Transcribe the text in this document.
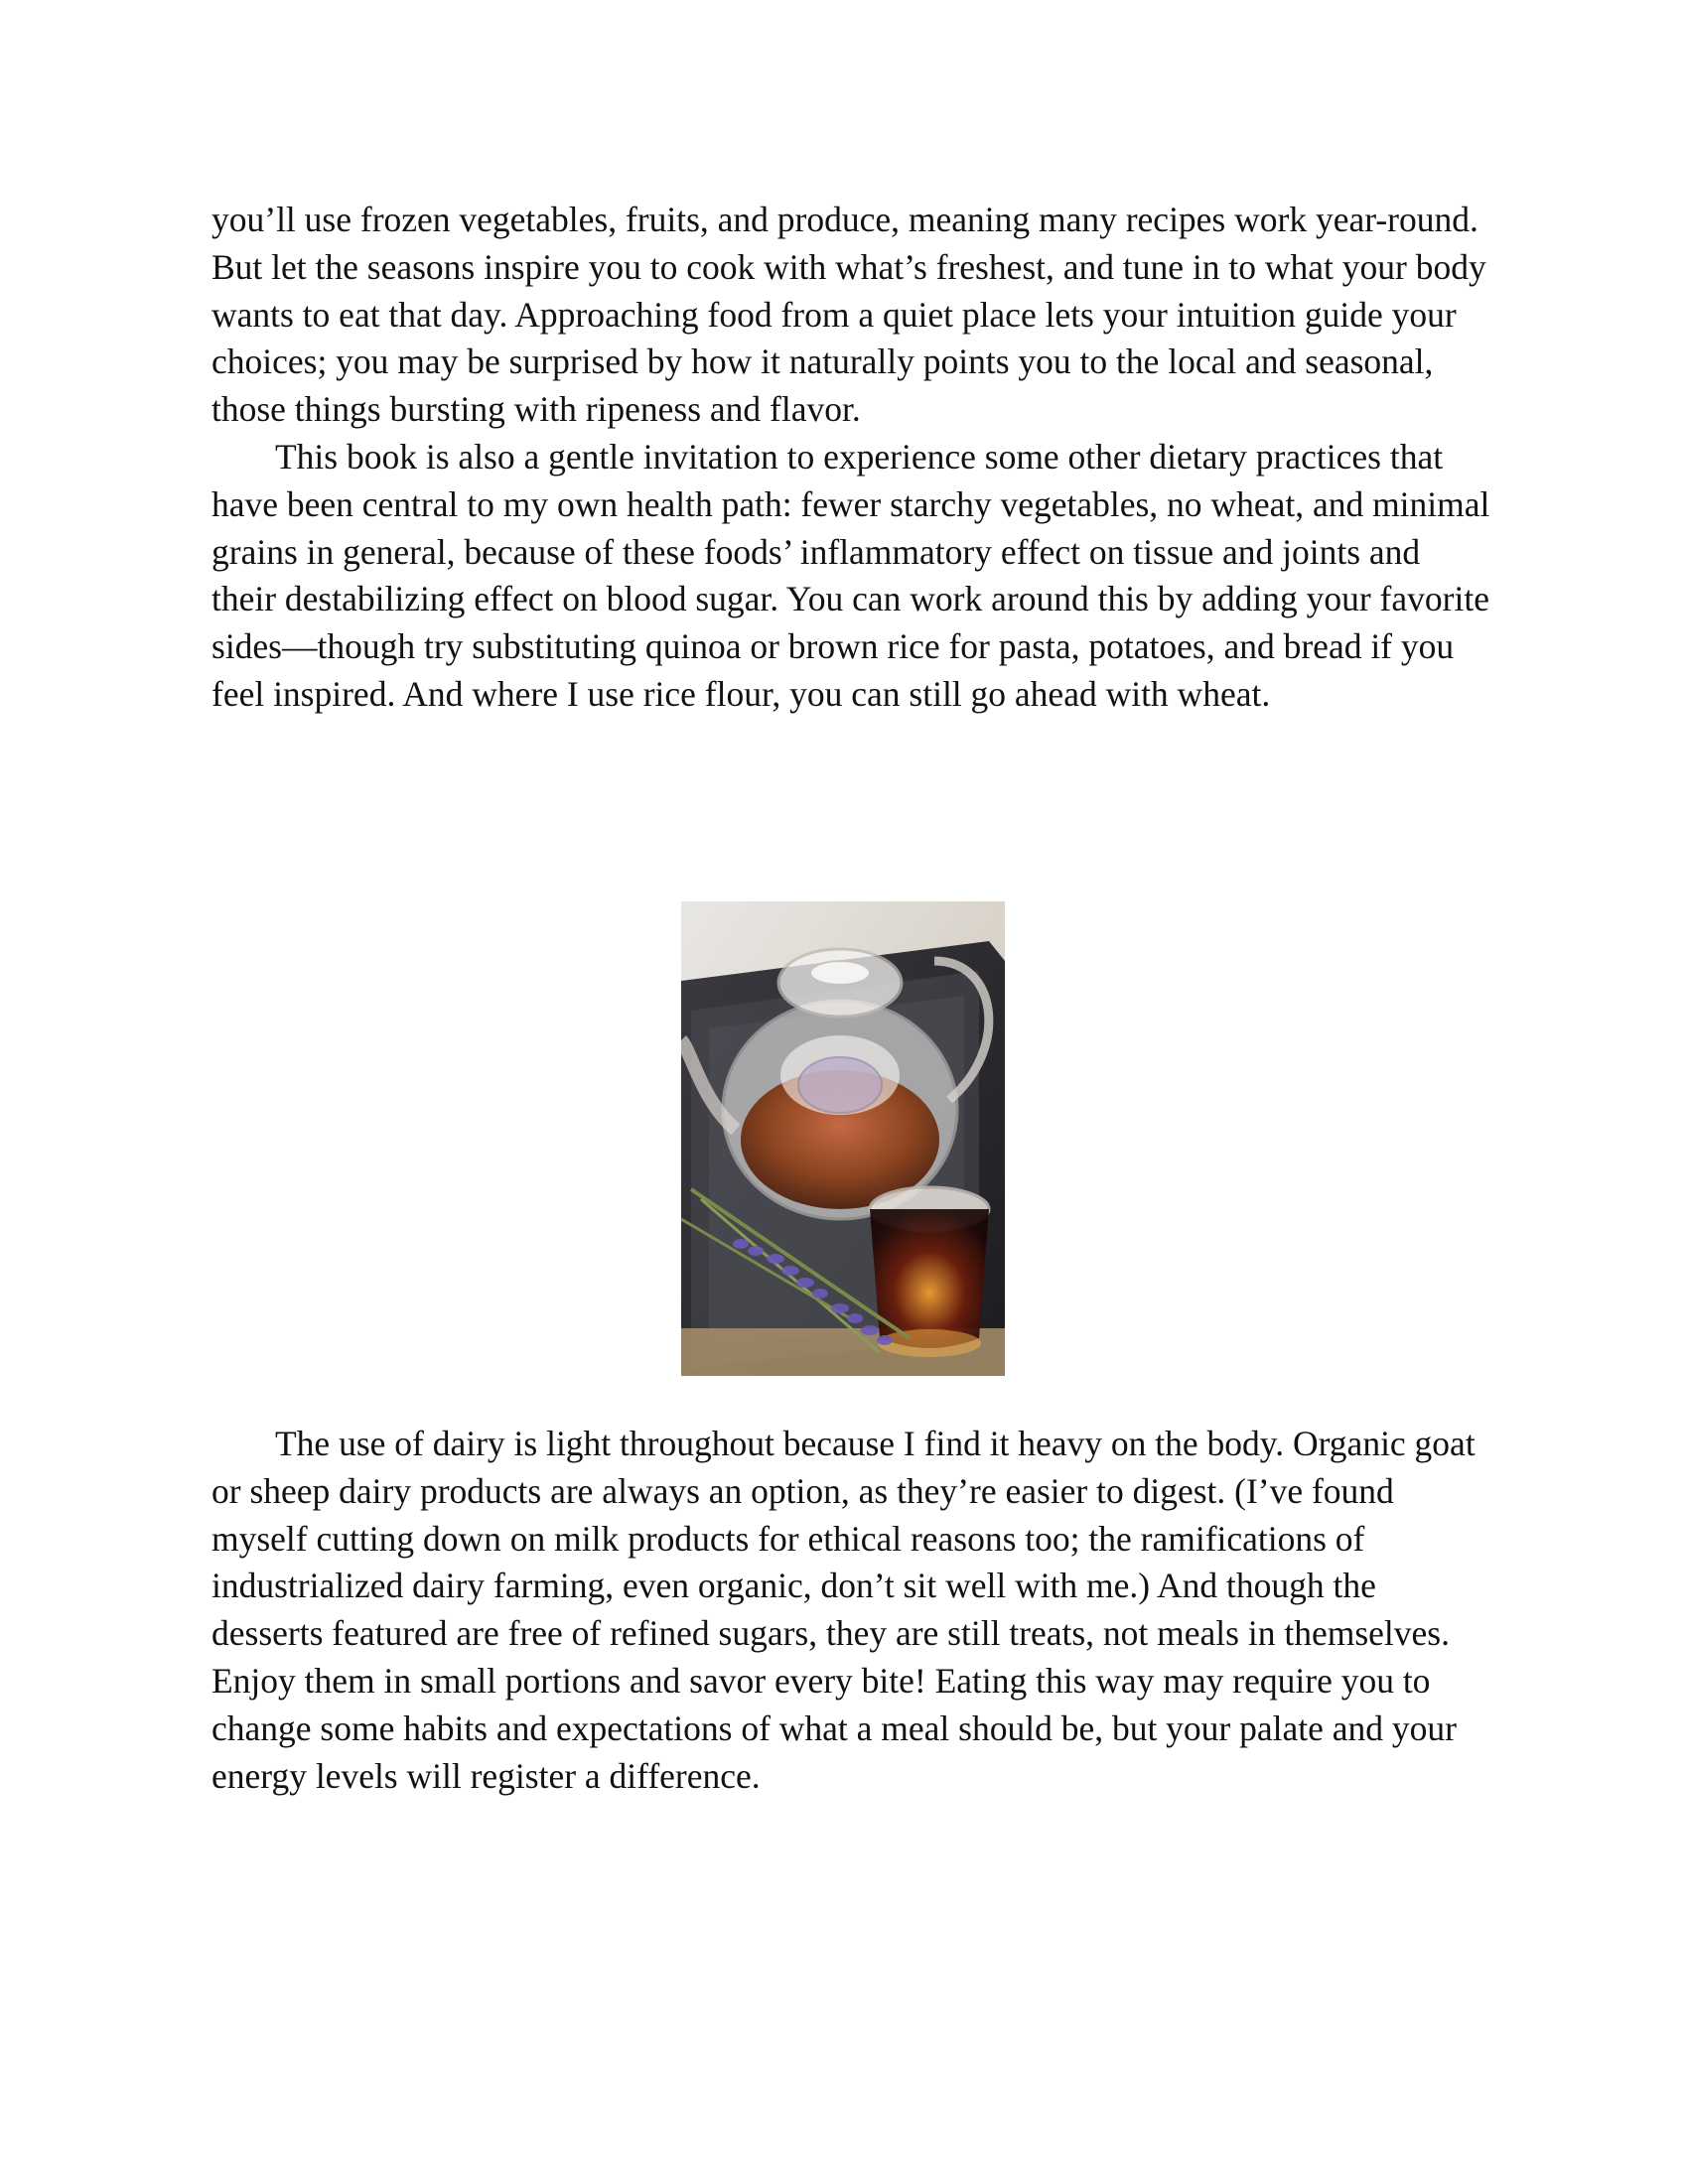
you’ll use frozen vegetables, fruits, and produce, meaning many recipes work year-round. But let the seasons inspire you to cook with what’s freshest, and tune in to what your body wants to eat that day. Approaching food from a quiet place lets your intuition guide your choices; you may be surprised by how it naturally points you to the local and seasonal, those things bursting with ripeness and flavor.

This book is also a gentle invitation to experience some other dietary practices that have been central to my own health path: fewer starchy vegetables, no wheat, and minimal grains in general, because of these foods’ inflammatory effect on tissue and joints and their destabilizing effect on blood sugar. You can work around this by adding your favorite sides—though try substituting quinoa or brown rice for pasta, potatoes, and bread if you feel inspired. And where I use rice flour, you can still go ahead with wheat.

The use of dairy is light throughout because I find it heavy on the body. Organic goat or sheep dairy products are always an option, as they’re easier to digest. (I’ve found myself cutting down on milk products for ethical reasons too; the ramifications of industrialized dairy farming, even organic, don’t sit well with me.) And though the desserts featured are free of refined sugars, they are still treats, not meals in themselves. Enjoy them in small portions and savor every bite! Eating this way may require you to change some habits and expectations of what a meal should be, but your palate and your energy levels will register a difference.
